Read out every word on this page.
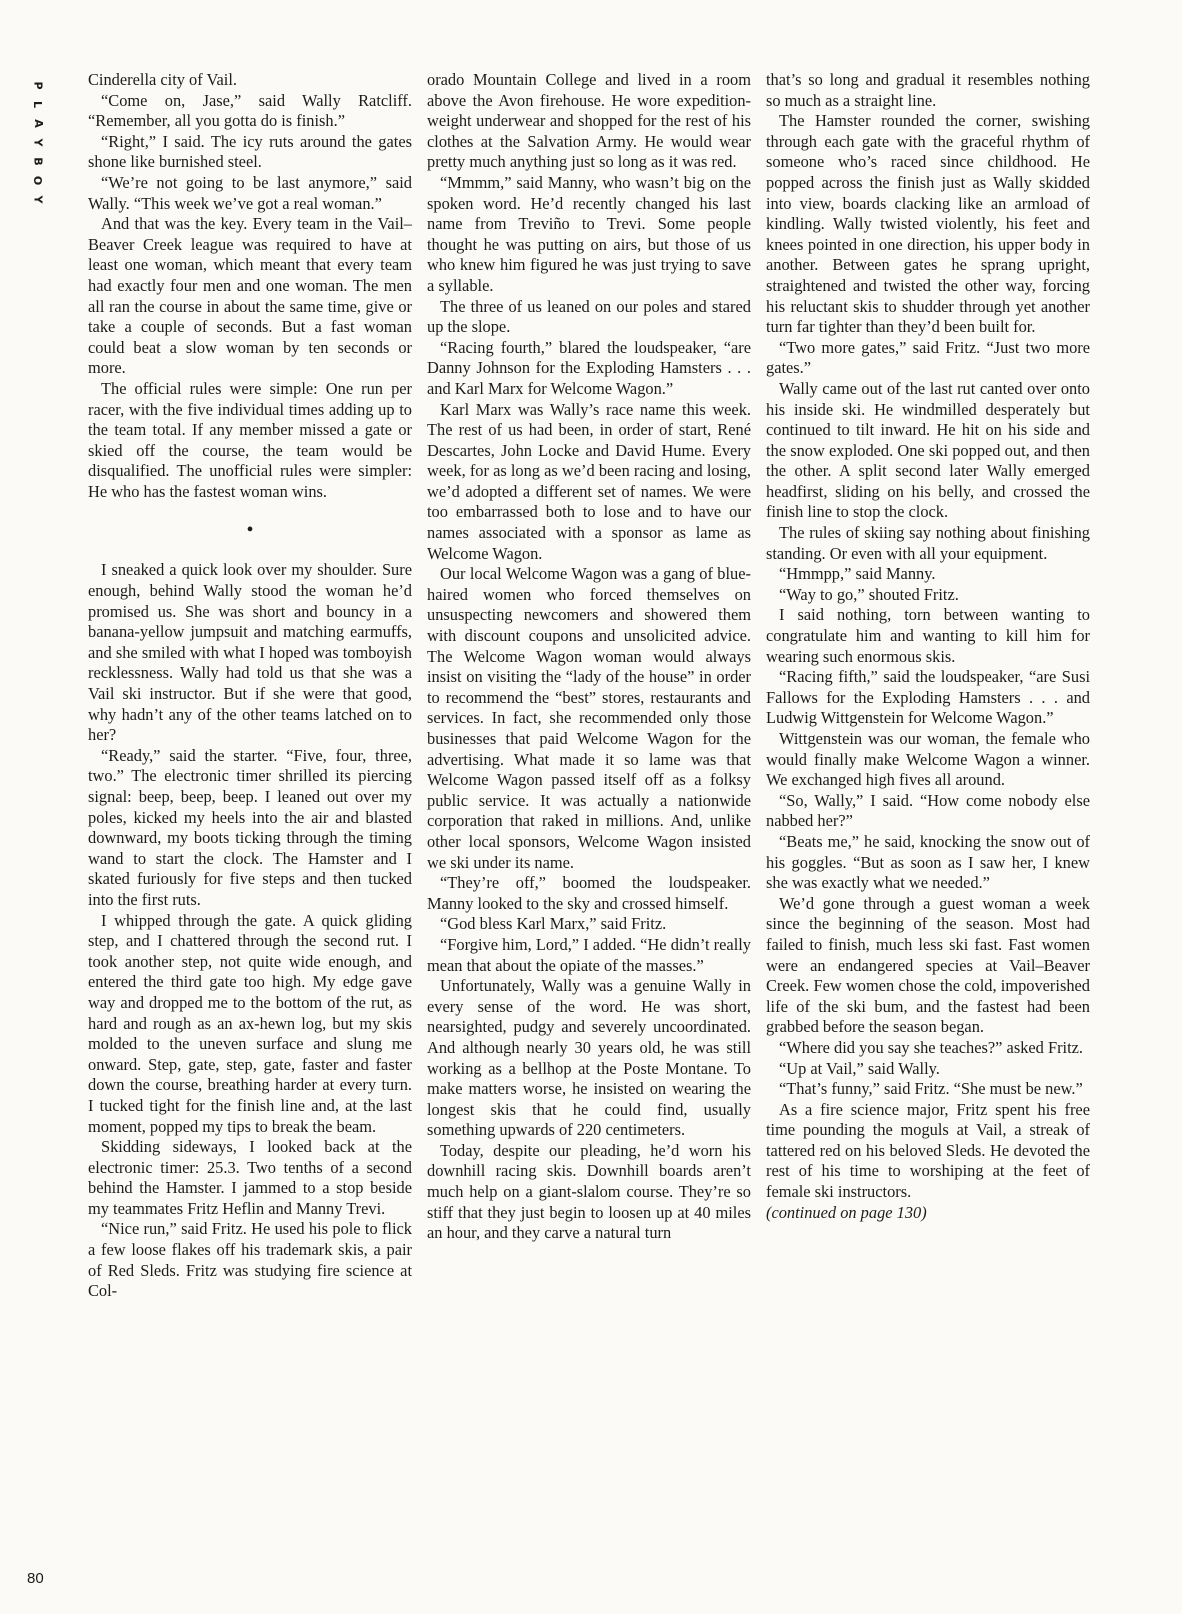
P
L
A
Y
B
O
Y
80

Cinderella city of Vail.

“Come on, Jase,” said Wally Ratcliff. “Remember, all you gotta do is finish.”

“Right,” I said. The icy ruts around the gates shone like burnished steel.

“We’re not going to be last anymore,” said Wally. “This week we’ve got a real woman.”

And that was the key. Every team in the Vail–Beaver Creek league was required to have at least one woman, which meant that every team had exactly four men and one woman. The men all ran the course in about the same time, give or take a couple of seconds. But a fast woman could beat a slow woman by ten seconds or more.

The official rules were simple: One run per racer, with the five individual times adding up to the team total. If any member missed a gate or skied off the course, the team would be disqualified. The unofficial rules were simpler: He who has the fastest woman wins.

•

I sneaked a quick look over my shoulder. Sure enough, behind Wally stood the woman he’d promised us. She was short and bouncy in a banana-yellow jumpsuit and matching earmuffs, and she smiled with what I hoped was tomboyish recklessness. Wally had told us that she was a Vail ski instructor. But if she were that good, why hadn’t any of the other teams latched on to her?

“Ready,” said the starter. “Five, four, three, two.” The electronic timer shrilled its piercing signal: beep, beep, beep. I leaned out over my poles, kicked my heels into the air and blasted downward, my boots ticking through the timing wand to start the clock. The Hamster and I skated furiously for five steps and then tucked into the first ruts.

I whipped through the gate. A quick gliding step, and I chattered through the second rut. I took another step, not quite wide enough, and entered the third gate too high. My edge gave way and dropped me to the bottom of the rut, as hard and rough as an ax-hewn log, but my skis molded to the uneven surface and slung me onward. Step, gate, step, gate, faster and faster down the course, breathing harder at every turn. I tucked tight for the finish line and, at the last moment, popped my tips to break the beam.

Skidding sideways, I looked back at the electronic timer: 25.3. Two tenths of a second behind the Hamster. I jammed to a stop beside my teammates Fritz Heflin and Manny Trevi.

“Nice run,” said Fritz. He used his pole to flick a few loose flakes off his trademark skis, a pair of Red Sleds. Fritz was studying fire science at Col-

orado Mountain College and lived in a room above the Avon firehouse. He wore expedition-weight underwear and shopped for the rest of his clothes at the Salvation Army. He would wear pretty much anything just so long as it was red.

“Mmmm,” said Manny, who wasn’t big on the spoken word. He’d recently changed his last name from Treviño to Trevi. Some people thought he was putting on airs, but those of us who knew him figured he was just trying to save a syllable.

The three of us leaned on our poles and stared up the slope.

“Racing fourth,” blared the loudspeaker, “are Danny Johnson for the Exploding Hamsters . . . and Karl Marx for Welcome Wagon.”

Karl Marx was Wally’s race name this week. The rest of us had been, in order of start, René Descartes, John Locke and David Hume. Every week, for as long as we’d been racing and losing, we’d adopted a different set of names. We were too embarrassed both to lose and to have our names associated with a sponsor as lame as Welcome Wagon.

Our local Welcome Wagon was a gang of blue-haired women who forced themselves on unsuspecting newcomers and showered them with discount coupons and unsolicited advice. The Welcome Wagon woman would always insist on visiting the “lady of the house” in order to recommend the “best” stores, restaurants and services. In fact, she recommended only those businesses that paid Welcome Wagon for the advertising. What made it so lame was that Welcome Wagon passed itself off as a folksy public service. It was actually a nationwide corporation that raked in millions. And, unlike other local sponsors, Welcome Wagon insisted we ski under its name.

“They’re off,” boomed the loudspeaker. Manny looked to the sky and crossed himself.

“God bless Karl Marx,” said Fritz.

“Forgive him, Lord,” I added. “He didn’t really mean that about the opiate of the masses.”

Unfortunately, Wally was a genuine Wally in every sense of the word. He was short, nearsighted, pudgy and severely uncoordinated. And although nearly 30 years old, he was still working as a bellhop at the Poste Montane. To make matters worse, he insisted on wearing the longest skis that he could find, usually something upwards of 220 centimeters.

Today, despite our pleading, he’d worn his downhill racing skis. Downhill boards aren’t much help on a giant-slalom course. They’re so stiff that they just begin to loosen up at 40 miles an hour, and they carve a natural turn

that’s so long and gradual it resembles nothing so much as a straight line.

The Hamster rounded the corner, swishing through each gate with the graceful rhythm of someone who’s raced since childhood. He popped across the finish just as Wally skidded into view, boards clacking like an armload of kindling. Wally twisted violently, his feet and knees pointed in one direction, his upper body in another. Between gates he sprang upright, straightened and twisted the other way, forcing his reluctant skis to shudder through yet another turn far tighter than they’d been built for.

“Two more gates,” said Fritz. “Just two more gates.”

Wally came out of the last rut canted over onto his inside ski. He windmilled desperately but continued to tilt inward. He hit on his side and the snow exploded. One ski popped out, and then the other. A split second later Wally emerged headfirst, sliding on his belly, and crossed the finish line to stop the clock.

The rules of skiing say nothing about finishing standing. Or even with all your equipment.

“Hmmpp,” said Manny.

“Way to go,” shouted Fritz.

I said nothing, torn between wanting to congratulate him and wanting to kill him for wearing such enormous skis.

“Racing fifth,” said the loudspeaker, “are Susi Fallows for the Exploding Hamsters . . . and Ludwig Wittgenstein for Welcome Wagon.”

Wittgenstein was our woman, the female who would finally make Welcome Wagon a winner. We exchanged high fives all around.

“So, Wally,” I said. “How come nobody else nabbed her?”

“Beats me,” he said, knocking the snow out of his goggles. “But as soon as I saw her, I knew she was exactly what we needed.”

We’d gone through a guest woman a week since the beginning of the season. Most had failed to finish, much less ski fast. Fast women were an endangered species at Vail–Beaver Creek. Few women chose the cold, impoverished life of the ski bum, and the fastest had been grabbed before the season began.

“Where did you say she teaches?” asked Fritz.

“Up at Vail,” said Wally.

“That’s funny,” said Fritz. “She must be new.”

As a fire science major, Fritz spent his free time pounding the moguls at Vail, a streak of tattered red on his beloved Sleds. He devoted the rest of his time to worshiping at the feet of female ski instructors.

(continued on page 130)
